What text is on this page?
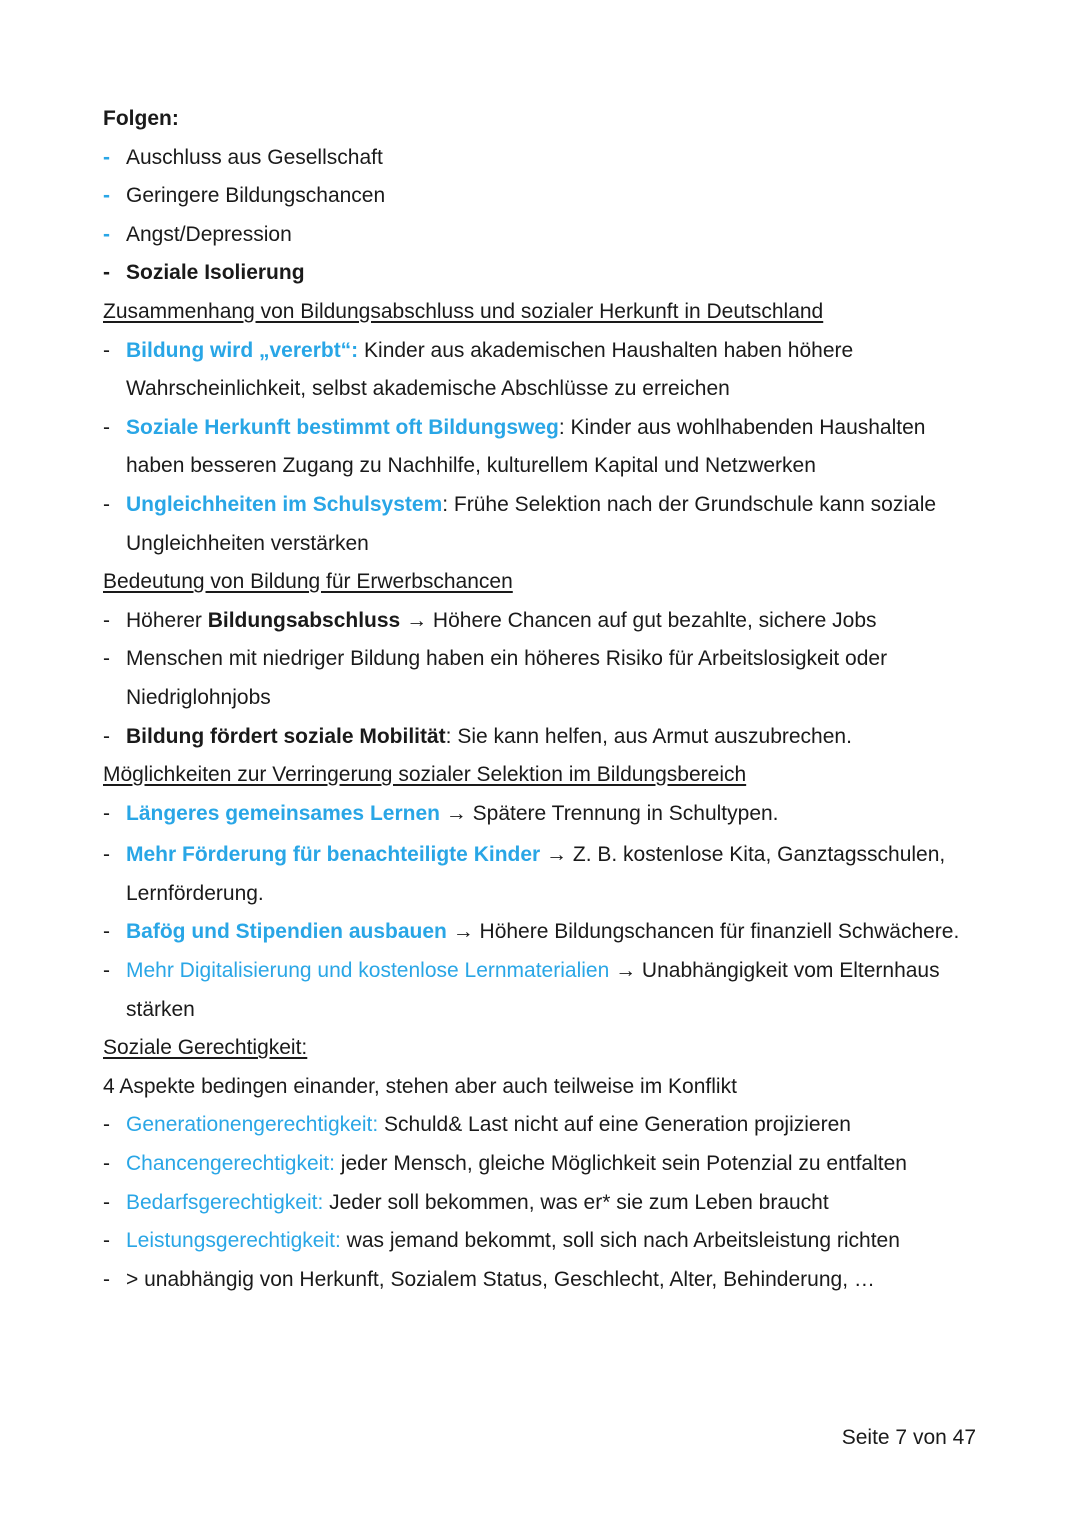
Folgen:
- Auschluss aus Gesellschaft
- Geringere Bildungschancen
- Angst/Depression
- Soziale Isolierung
Zusammenhang von Bildungsabschluss und sozialer Herkunft in Deutschland
- Bildung wird „vererbt“: Kinder aus akademischen Haushalten haben höhere Wahrscheinlichkeit, selbst akademische Abschlüsse zu erreichen
- Soziale Herkunft bestimmt oft Bildungsweg: Kinder aus wohlhabenden Haushalten haben besseren Zugang zu Nachhilfe, kulturellem Kapital und Netzwerken
- Ungleichheiten im Schulsystem: Frühe Selektion nach der Grundschule kann soziale Ungleichheiten verstärken
Bedeutung von Bildung für Erwerbschancen
- Höherer Bildungsabschluss → Höhere Chancen auf gut bezahlte, sichere Jobs
- Menschen mit niedriger Bildung haben ein höheres Risiko für Arbeitslosigkeit oder Niedriglohnjobs
- Bildung fördert soziale Mobilität: Sie kann helfen, aus Armut auszubrechen.
Möglichkeiten zur Verringerung sozialer Selektion im Bildungsbereich
- Längeres gemeinsames Lernen → Spätere Trennung in Schultypen.
- Mehr Förderung für benachteiligte Kinder → Z. B. kostenlose Kita, Ganztagsschulen, Lernförderung.
- Bafög und Stipendien ausbauen → Höhere Bildungschancen für finanziell Schwächere.
- Mehr Digitalisierung und kostenlose Lernmaterialien → Unabhängigkeit vom Elternhaus stärken
Soziale Gerechtigkeit:
4 Aspekte bedingen einander, stehen aber auch teilweise im Konflikt
- Generationengerechtigkeit: Schuld& Last nicht auf eine Generation projizieren
- Chancengerechtigkeit: jeder Mensch, gleiche Möglichkeit sein Potenzial zu entfalten
- Bedarfsgerechtigkeit: Jeder soll bekommen, was er* sie zum Leben braucht
- Leistungsgerechtigkeit: was jemand bekommt, soll sich nach Arbeitsleistung richten
- > unabhängig von Herkunft, Sozialem Status, Geschlecht, Alter, Behinderung, …
Seite 7 von 47
